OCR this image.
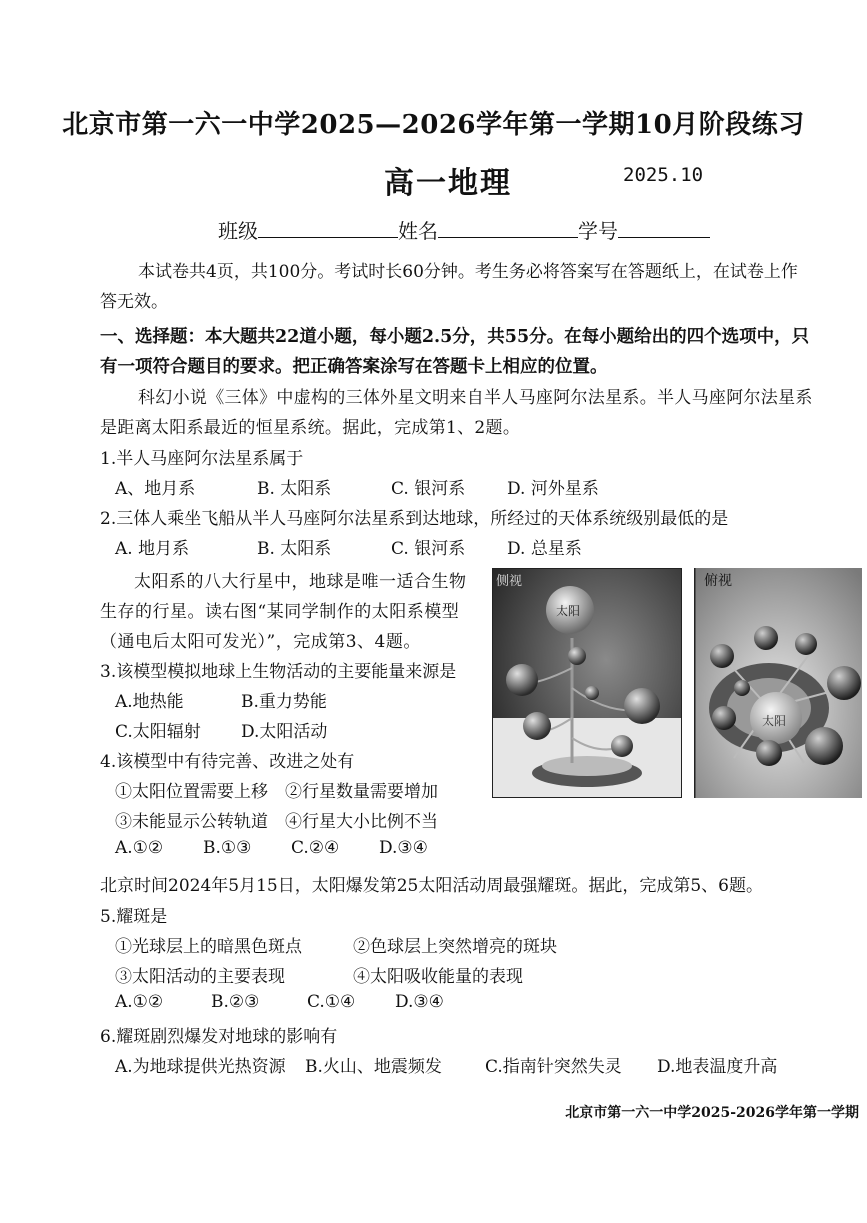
北京市第一六一中学2025—2026学年第一学期10月阶段练习
高一地理	2025.10
班级	姓名	学号
本试卷共4页，共100分。考试时长60分钟。考生务必将答案写在答题纸上，在试卷上作
答无效。
一、选择题：本大题共22道小题，每小题2.5分，共55分。在每小题给出的四个选项中，只
有一项符合题目的要求。把正确答案涂写在答题卡上相应的位置。
科幻小说《三体》中虚构的三体外星文明来自半人马座阿尔法星系。半人马座阿尔法星系
是距离太阳系最近的恒星系统。据此，完成第1、2题。
1.半人马座阿尔法星系属于
A、地月系	B. 太阳系	C. 银河系 D. 河外星系
2.三体人乘坐飞船从半人马座阿尔法星系到达地球，所经过的天体系统级别最低的是
A. 地月系	B. 太阳系	C. 银河系 D. 总星系
太阳系的八大行星中，地球是唯一适合生物
生存的行星。读右图“某同学制作的太阳系模型
（通电后太阳可发光）”，完成第3、4题。
3.该模型模拟地球上生物活动的主要能量来源是
A.地热能	B.重力势能
C.太阳辐射 D.太阳活动
4.该模型中有待完善、改进之处有
①太阳位置需要上移 ②行星数量需要增加
③未能显示公转轨道 ④行星大小比例不当
A.①② B.①③ C.②④ D.③④
侧视
太阳
俯视
太阳
北京时间2024年5月15日，太阳爆发第25太阳活动周最强耀斑。据此，完成第5、6题。
5.耀斑是
①光球层上的暗黑色斑点	②色球层上突然增亮的斑块
③太阳活动的主要表现	④太阳吸收能量的表现
A.①②	B.②③	C.①④ D.③④
6.耀斑剧烈爆发对地球的影响有
A.为地球提供光热资源 B.火山、地震频发	C.指南针突然失灵 D.地表温度升高
北京市第一六一中学2025-2026学年第一学期
